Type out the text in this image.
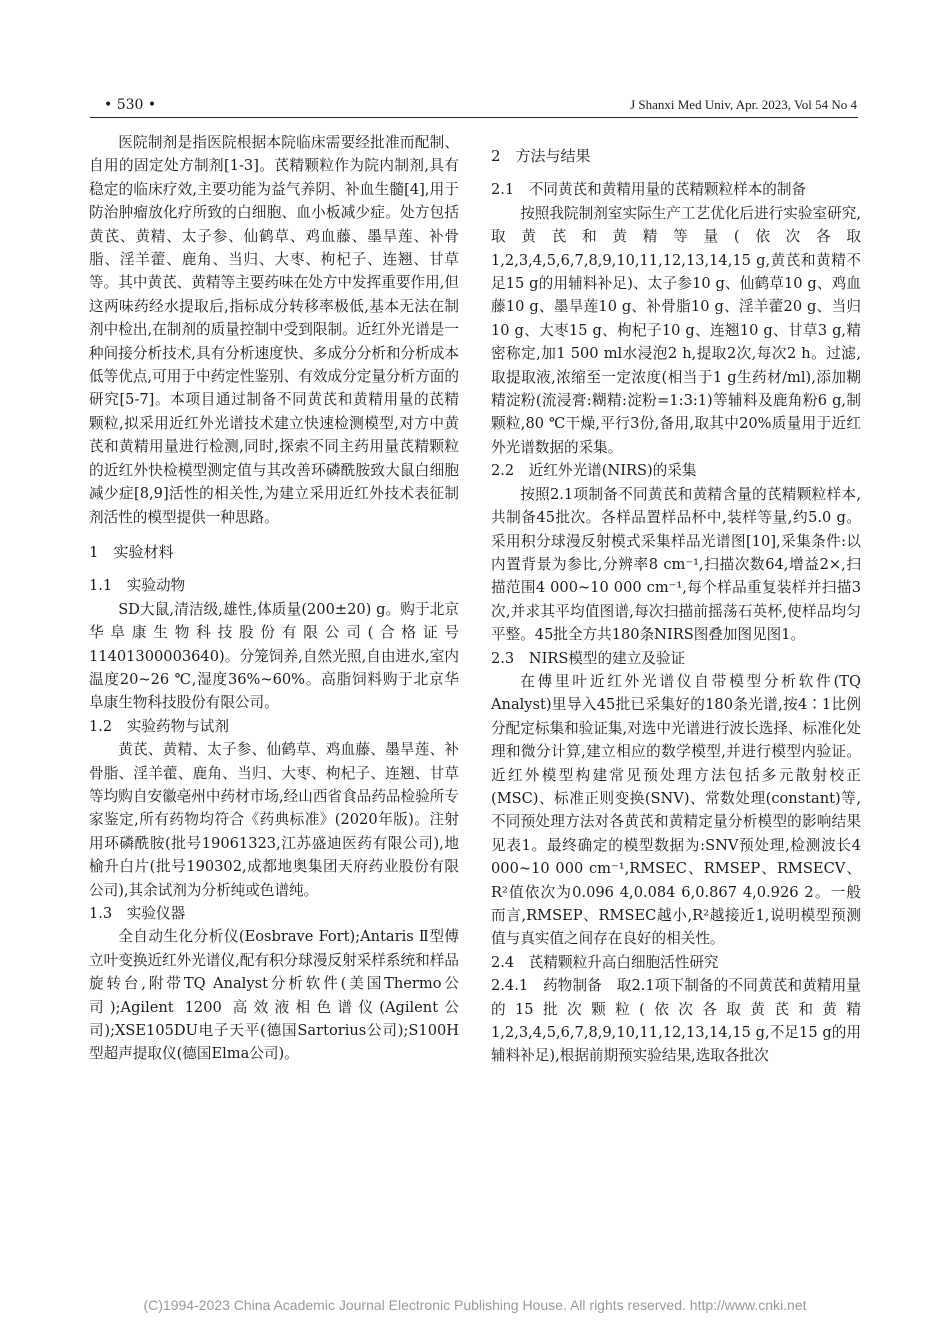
• 530 •	J Shanxi Med Univ, Apr. 2023, Vol 54 No 4

医院制剂是指医院根据本院临床需要经批准而配制、自用的固定处方制剂[1-3]。芪精颗粒作为院内制剂,具有稳定的临床疗效,主要功能为益气养阴、补血生髓[4],用于防治肿瘤放化疗所致的白细胞、血小板减少症。处方包括黄芪、黄精、太子参、仙鹤草、鸡血藤、墨旱莲、补骨脂、淫羊藿、鹿角、当归、大枣、枸杞子、连翘、甘草等。其中黄芪、黄精等主要药味在处方中发挥重要作用,但这两味药经水提取后,指标成分转移率极低,基本无法在制剂中检出,在制剂的质量控制中受到限制。近红外光谱是一种间接分析技术,具有分析速度快、多成分分析和分析成本低等优点,可用于中药定性鉴别、有效成分定量分析方面的研究[5-7]。本项目通过制备不同黄芪和黄精用量的芪精颗粒,拟采用近红外光谱技术建立快速检测模型,对方中黄芪和黄精用量进行检测,同时,探索不同主药用量芪精颗粒的近红外快检模型测定值与其改善环磷酰胺致大鼠白细胞减少症[8,9]活性的相关性,为建立采用近红外技术表征制剂活性的模型提供一种思路。

1　实验材料
1.1　实验动物

SD大鼠,清洁级,雄性,体质量(200±20) g。购于北京华阜康生物科技股份有限公司(合格证号11401300003640)。分笼饲养,自然光照,自由进水,室内温度20~26 ℃,湿度36%~60%。高脂饲料购于北京华阜康生物科技股份有限公司。

1.2　实验药物与试剂

黄芪、黄精、太子参、仙鹤草、鸡血藤、墨旱莲、补骨脂、淫羊藿、鹿角、当归、大枣、枸杞子、连翘、甘草等均购自安徽亳州中药材市场,经山西省食品药品检验所专家鉴定,所有药物均符合《药典标准》(2020年版)。注射用环磷酰胺(批号19061323,江苏盛迪医药有限公司),地榆升白片(批号190302,成都地奥集团天府药业股份有限公司),其余试剂为分析纯或色谱纯。

1.3　实验仪器

全自动生化分析仪(Eosbrave Fort);Antaris Ⅱ型傅立叶变换近红外光谱仪,配有积分球漫反射采样系统和样品旋转台,附带TQ Analyst分析软件(美国Thermo公司);Agilent 1200 高效液相色谱仪(Agilent公司);XSE105DU电子天平(德国Sartorius公司);S100H型超声提取仪(德国Elma公司)。

2　方法与结果
2.1　不同黄芪和黄精用量的芪精颗粒样本的制备

按照我院制剂室实际生产工艺优化后进行实验室研究,取黄芪和黄精等量(依次各取1,2,3,4,5,6,7,8,9,10,11,12,13,14,15 g,黄芪和黄精不足15 g的用辅料补足)、太子参10 g、仙鹤草10 g、鸡血藤10 g、墨旱莲10 g、补骨脂10 g、淫羊藿20 g、当归10 g、大枣15 g、枸杞子10 g、连翘10 g、甘草3 g,精密称定,加1 500 ml水浸泡2 h,提取2次,每次2 h。过滤,取提取液,浓缩至一定浓度(相当于1 g生药材/ml),添加糊精淀粉(流浸膏:糊精:淀粉=1:3:1)等辅料及鹿角粉6 g,制颗粒,80 ℃干燥,平行3份,备用,取其中20%质量用于近红外光谱数据的采集。

2.2　近红外光谱(NIRS)的采集

按照2.1项制备不同黄芪和黄精含量的芪精颗粒样本,共制备45批次。各样品置样品杯中,装样等量,约5.0 g。采用积分球漫反射模式采集样品光谱图[10],采集条件:以内置背景为参比,分辨率8 cm⁻¹,扫描次数64,增益2×,扫描范围4 000~10 000 cm⁻¹,每个样品重复装样并扫描3次,并求其平均值图谱,每次扫描前摇荡石英杯,使样品均匀平整。45批全方共180条NIRS图叠加图见图1。

2.3　NIRS模型的建立及验证

在傅里叶近红外光谱仪自带模型分析软件(TQ Analyst)里导入45批已采集好的180条光谱,按4∶1比例分配定标集和验证集,对选中光谱进行波长选择、标准化处理和微分计算,建立相应的数学模型,并进行模型内验证。近红外模型构建常见预处理方法包括多元散射校正(MSC)、标准正则变换(SNV)、常数处理(constant)等,不同预处理方法对各黄芪和黄精定量分析模型的影响结果见表1。最终确定的模型数据为:SNV预处理,检测波长4 000~10 000 cm⁻¹,RMSEC、RMSEP、RMSECV、R²值依次为0.096 4,0.084 6,0.867 4,0.926 2。一般而言,RMSEP、RMSEC越小,R²越接近1,说明模型预测值与真实值之间存在良好的相关性。

2.4　芪精颗粒升高白细胞活性研究

2.4.1　药物制备　取2.1项下制备的不同黄芪和黄精用量的15批次颗粒(依次各取黄芪和黄精1,2,3,4,5,6,7,8,9,10,11,12,13,14,15 g,不足15 g的用辅料补足),根据前期预实验结果,选取各批次

(C)1994-2023 China Academic Journal Electronic Publishing House. All rights reserved. http://www.cnki.net
